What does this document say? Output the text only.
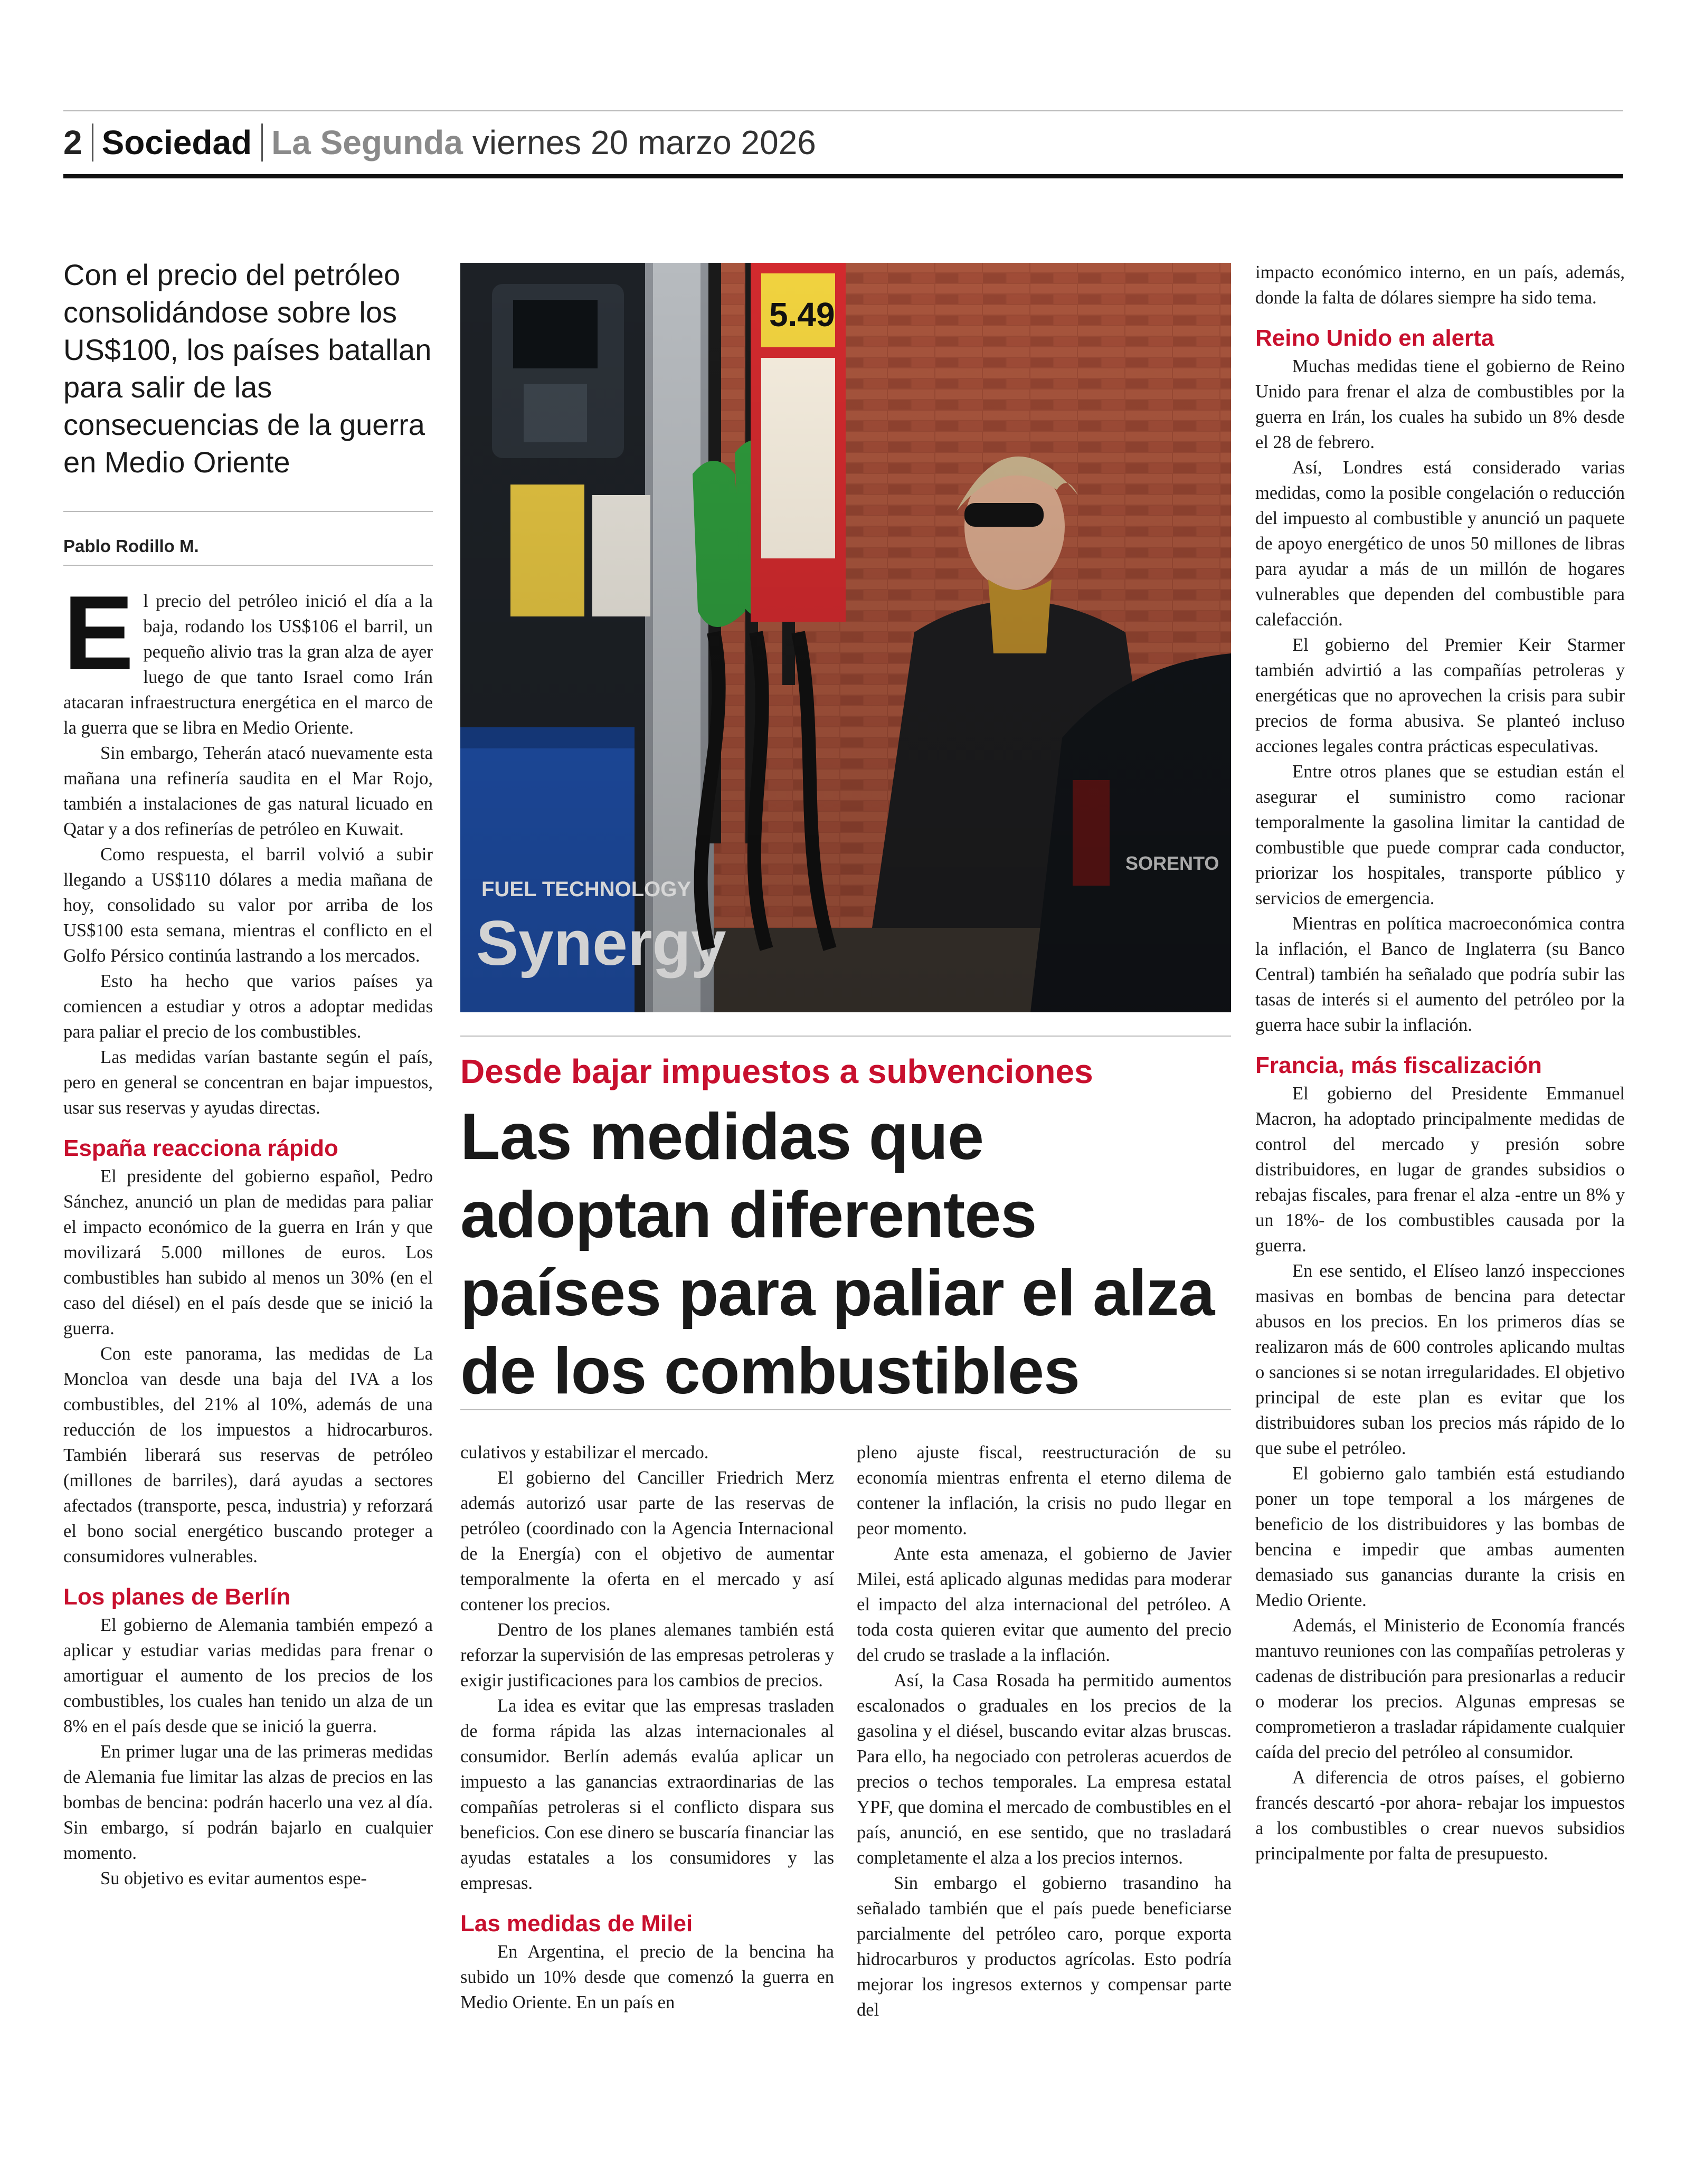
2 Sociedad La Segunda viernes 20 marzo 2026
Con el precio del petróleo consolidándose sobre los US$100, los países batallan para salir de las consecuencias de la guerra en Medio Oriente
Pablo Rodillo M.
E l precio del petróleo inició el día a la baja, rodando los US$106 el barril, un pequeño alivio tras la gran alza de ayer luego de que tanto Israel como Irán atacaran infraestructura energética en el marco de la guerra que se libra en Medio Oriente.

Sin embargo, Teherán atacó nuevamente esta mañana una refinería saudita en el Mar Rojo, también a instalaciones de gas natural licuado en Qatar y a dos refinerías de petróleo en Kuwait.

Como respuesta, el barril volvió a subir llegando a US$110 dólares a media mañana de hoy, consolidado su valor por arriba de los US$100 esta semana, mientras el conflicto en el Golfo Pérsico continúa lastrando a los mercados.

Esto ha hecho que varios países ya comiencen a estudiar y otros a adoptar medidas para paliar el precio de los combustibles.

Las medidas varían bastante según el país, pero en general se concentran en bajar impuestos, usar sus reservas y ayudas directas.

España reacciona rápido

El presidente del gobierno español, Pedro Sánchez, anunció un plan de medidas para paliar el impacto económico de la guerra en Irán y que movilizará 5.000 millones de euros. Los combustibles han subido al menos un 30% (en el caso del diésel) en el país desde que se inició la guerra.

Con este panorama, las medidas de La Moncloa van desde una baja del IVA a los combustibles, del 21% al 10%, además de una reducción de los impuestos a hidrocarburos. También liberará sus reservas de petróleo (millones de barriles), dará ayudas a sectores afectados (transporte, pesca, industria) y reforzará el bono social energético buscando proteger a consumidores vulnerables.

Los planes de Berlín

El gobierno de Alemania también empezó a aplicar y estudiar varias medidas para frenar o amortiguar el aumento de los precios de los combustibles, los cuales han tenido un alza de un 8% en el país desde que se inició la guerra.

En primer lugar una de las primeras medidas de Alemania fue limitar las alzas de precios en las bombas de bencina: podrán hacerlo una vez al día. Sin embargo, sí podrán bajarlo en cualquier momento.

Su objetivo es evitar aumentos espe-

FUEL TECHNOLOGY
Synergy
5.49
SORENTO
Desde bajar impuestos a subvenciones
Las medidas que adoptan diferentes países para paliar el alza de los combustibles

culativos y estabilizar el mercado.

El gobierno del Canciller Friedrich Merz además autorizó usar parte de las reservas de petróleo (coordinado con la Agencia Internacional de la Energía) con el objetivo de aumentar temporalmente la oferta en el mercado y así contener los precios.

Dentro de los planes alemanes también está reforzar la supervisión de las empresas petroleras y exigir justificaciones para los cambios de precios.

La idea es evitar que las empresas trasladen de forma rápida las alzas internacionales al consumidor. Berlín además evalúa aplicar un impuesto a las ganancias extraordinarias de las compañías petroleras si el conflicto dispara sus beneficios. Con ese dinero se buscaría financiar las ayudas estatales a los consumidores y las empresas.

Las medidas de Milei

En Argentina, el precio de la bencina ha subido un 10% desde que comenzó la guerra en Medio Oriente. En un país en

pleno ajuste fiscal, reestructuración de su economía mientras enfrenta el eterno dilema de contener la inflación, la crisis no pudo llegar en peor momento.

Ante esta amenaza, el gobierno de Javier Milei, está aplicado algunas medidas para moderar el impacto del alza internacional del petróleo. A toda costa quieren evitar que aumento del precio del crudo se traslade a la inflación.

Así, la Casa Rosada ha permitido aumentos escalonados o graduales en los precios de la gasolina y el diésel, buscando evitar alzas bruscas. Para ello, ha negociado con petroleras acuerdos de precios o techos temporales. La empresa estatal YPF, que domina el mercado de combustibles en el país, anunció, en ese sentido, que no trasladará completamente el alza a los precios internos.

Sin embargo el gobierno trasandino ha señalado también que el país puede beneficiarse parcialmente del petróleo caro, porque exporta hidrocarburos y productos agrícolas. Esto podría mejorar los ingresos externos y compensar parte del

impacto económico interno, en un país, además, donde la falta de dólares siempre ha sido tema.

Reino Unido en alerta

Muchas medidas tiene el gobierno de Reino Unido para frenar el alza de combustibles por la guerra en Irán, los cuales ha subido un 8% desde el 28 de febrero.

Así, Londres está considerado varias medidas, como la posible congelación o reducción del impuesto al combustible y anunció un paquete de apoyo energético de unos 50 millones de libras para ayudar a más de un millón de hogares vulnerables que dependen del combustible para calefacción.

El gobierno del Premier Keir Starmer también advirtió a las compañías petroleras y energéticas que no aprovechen la crisis para subir precios de forma abusiva. Se planteó incluso acciones legales contra prácticas especulativas.

Entre otros planes que se estudian están el asegurar el suministro como racionar temporalmente la gasolina limitar la cantidad de combustible que puede comprar cada conductor, priorizar los hospitales, transporte público y servicios de emergencia.

Mientras en política macroeconómica contra la inflación, el Banco de Inglaterra (su Banco Central) también ha señalado que podría subir las tasas de interés si el aumento del petróleo por la guerra hace subir la inflación.

Francia, más fiscalización

El gobierno del Presidente Emmanuel Macron, ha adoptado principalmente medidas de control del mercado y presión sobre distribuidores, en lugar de grandes subsidios o rebajas fiscales, para frenar el alza -entre un 8% y un 18%- de los combustibles causada por la guerra.

En ese sentido, el Elíseo lanzó inspecciones masivas en bombas de bencina para detectar abusos en los precios. En los primeros días se realizaron más de 600 controles aplicando multas o sanciones si se notan irregularidades. El objetivo principal de este plan es evitar que los distribuidores suban los precios más rápido de lo que sube el petróleo.

El gobierno galo también está estudiando poner un tope temporal a los márgenes de beneficio de los distribuidores y las bombas de bencina e impedir que ambas aumenten demasiado sus ganancias durante la crisis en Medio Oriente.

Además, el Ministerio de Economía francés mantuvo reuniones con las compañías petroleras y cadenas de distribución para presionarlas a reducir o moderar los precios. Algunas empresas se comprometieron a trasladar rápidamente cualquier caída del precio del petróleo al consumidor.

A diferencia de otros países, el gobierno francés descartó -por ahora- rebajar los impuestos a los combustibles o crear nuevos subsidios principalmente por falta de presupuesto.
